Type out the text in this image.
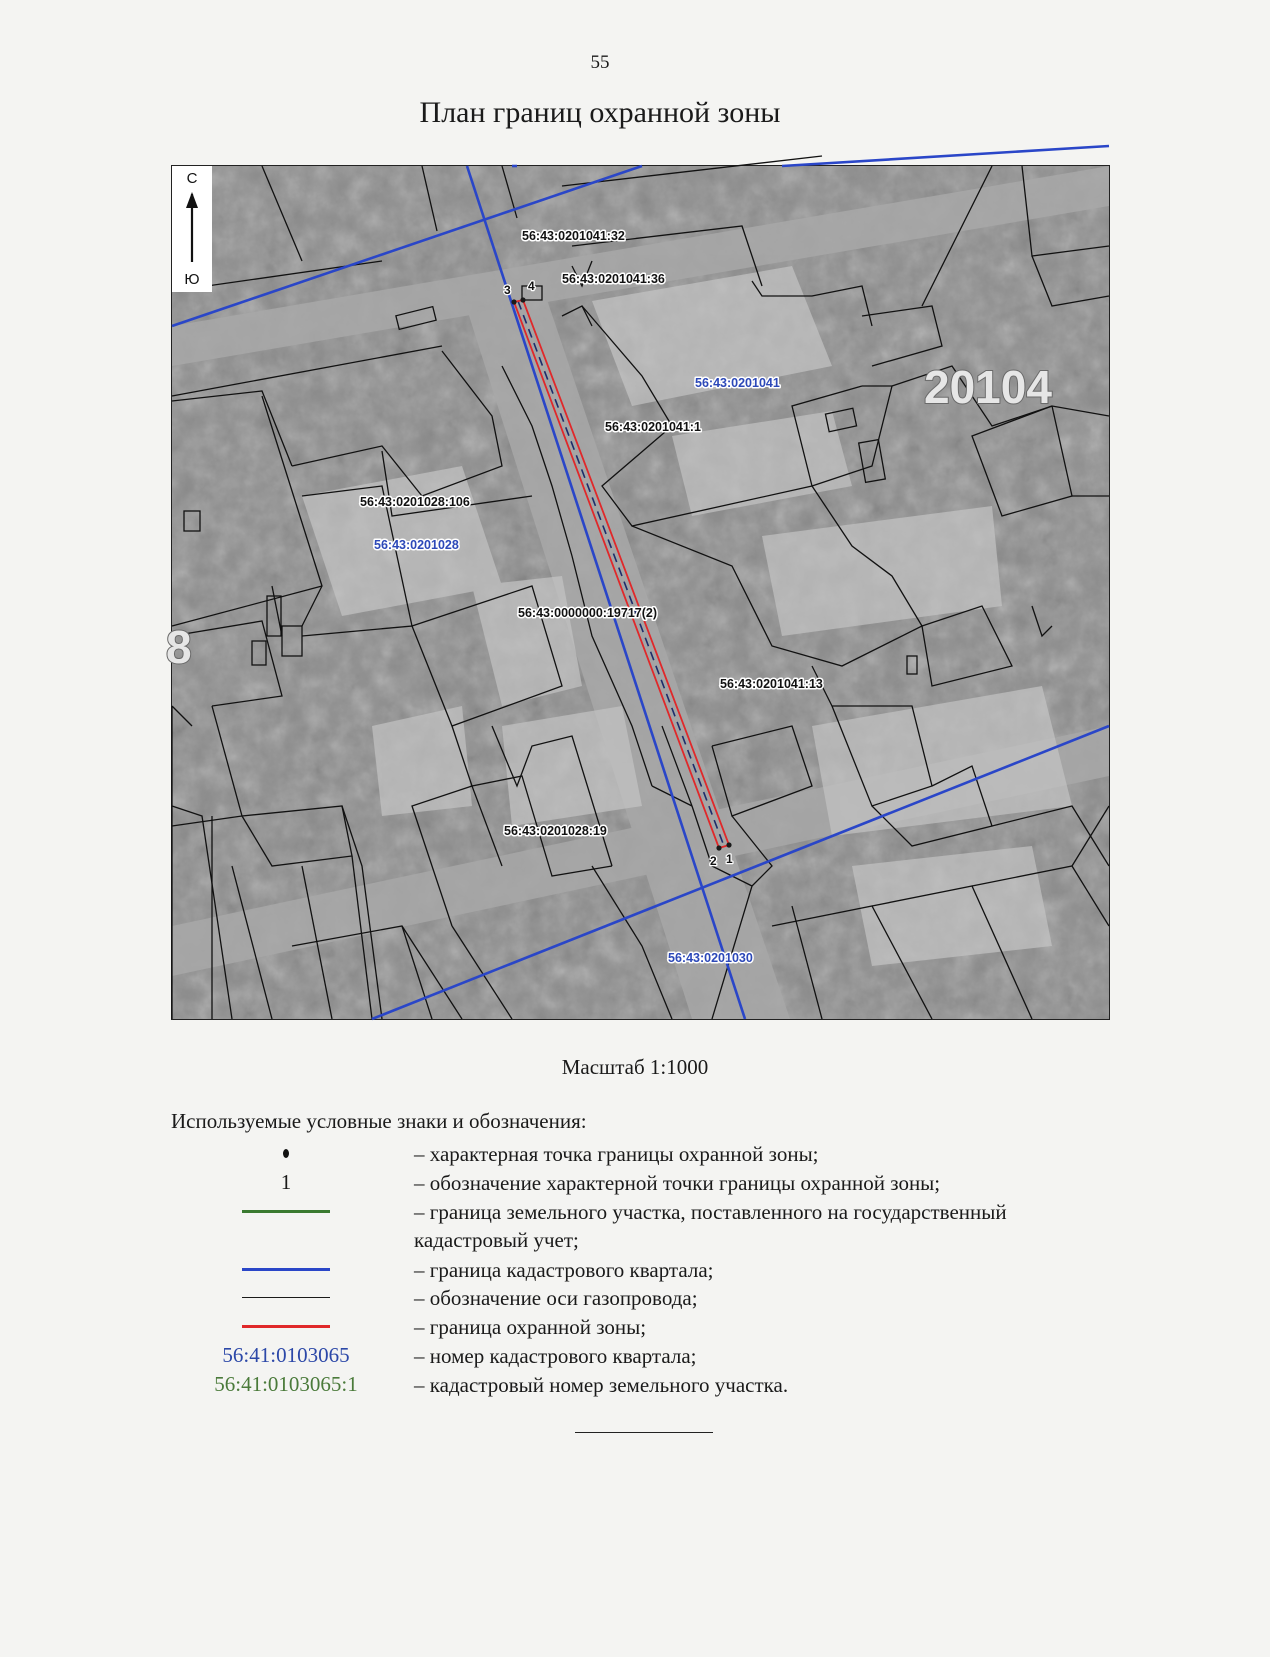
55
План границ охранной зоны
С
Ю
20104
8
56:43:0201041:32
56:43:0201041:36
56:43:0201041
56:43:0201041:1
56:43:0201028:106
56:43:0201028
56:43:0000000:19717(2)
56:43:0201041:13
56:43:0201028:19
56:43:0201030
3 4
2 1
Масштаб 1:1000
Используемые условные знаки и обозначения:
– характерная точка границы охранной зоны;
1	– обозначение характерной точки границы охранной зоны;
– граница земельного участка, поставленного на государственный кадастровый учет;
– граница кадастрового квартала;
– обозначение оси газопровода;
– граница охранной зоны;
56:41:0103065	– номер кадастрового квартала;
56:41:0103065:1	– кадастровый номер земельного участка.
